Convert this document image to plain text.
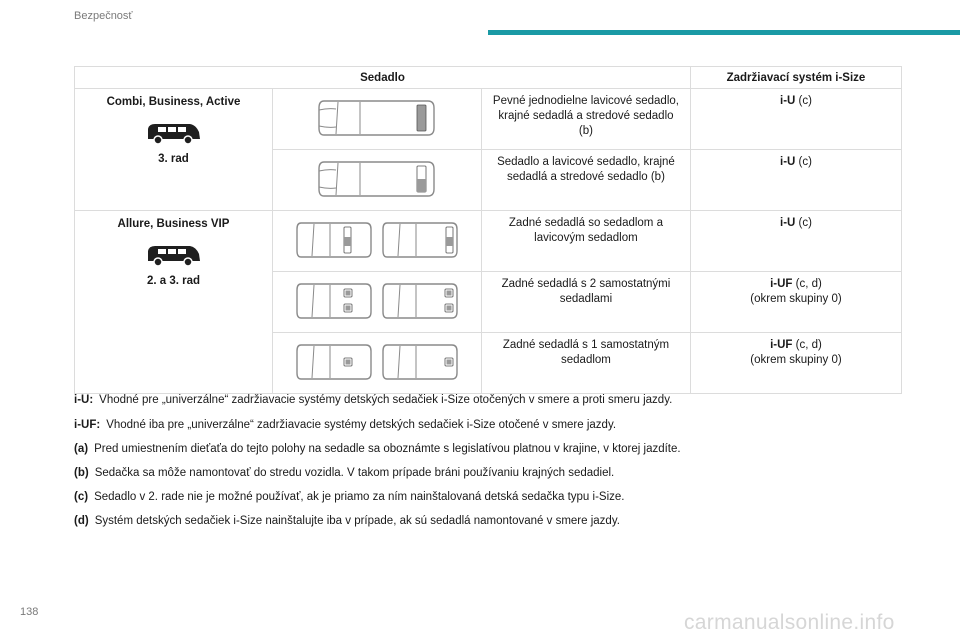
Bezpečnosť
Sedadlo			Zadržiavací systém i-Size

Combi, Business, Active
3. rad		Pevné jednodielne lavicové sedadlo, krajné sedadlá a stredové sedadlo (b)	i-U (c)

	Sedadlo a lavicové sedadlo, krajné sedadlá a stredové sedadlo (b)	i-U (c)

Allure, Business VIP
2. a 3. rad		Zadné sedadlá so sedadlom a lavicovým sedadlom	i-U (c)

	Zadné sedadlá s 2 samostatnými sedadlami	i-UF (c, d)
(okrem skupiny 0)

	Zadné sedadlá s 1 samostatným sedadlom	i-UF (c, d)
(okrem skupiny 0)
i-U: Vhodné pre „univerzálne“ zadržiavacie systémy detských sedačiek i-Size otočených v smere a proti smeru jazdy.
i-UF: Vhodné iba pre „univerzálne“ zadržiavacie systémy detských sedačiek i-Size otočené v smere jazdy.
(a) Pred umiestnením dieťaťa do tejto polohy na sedadle sa oboznámte s legislatívou platnou v krajine, v ktorej jazdíte.
(b) Sedačka sa môže namontovať do stredu vozidla. V takom prípade bráni používaniu krajných sedadiel.
(c) Sedadlo v 2. rade nie je možné používať, ak je priamo za ním nainštalovaná detská sedačka typu i-Size.
(d) Systém detských sedačiek i-Size nainštalujte iba v prípade, ak sú sedadlá namontované v smere jazdy.
138	carmanualsonline.info
